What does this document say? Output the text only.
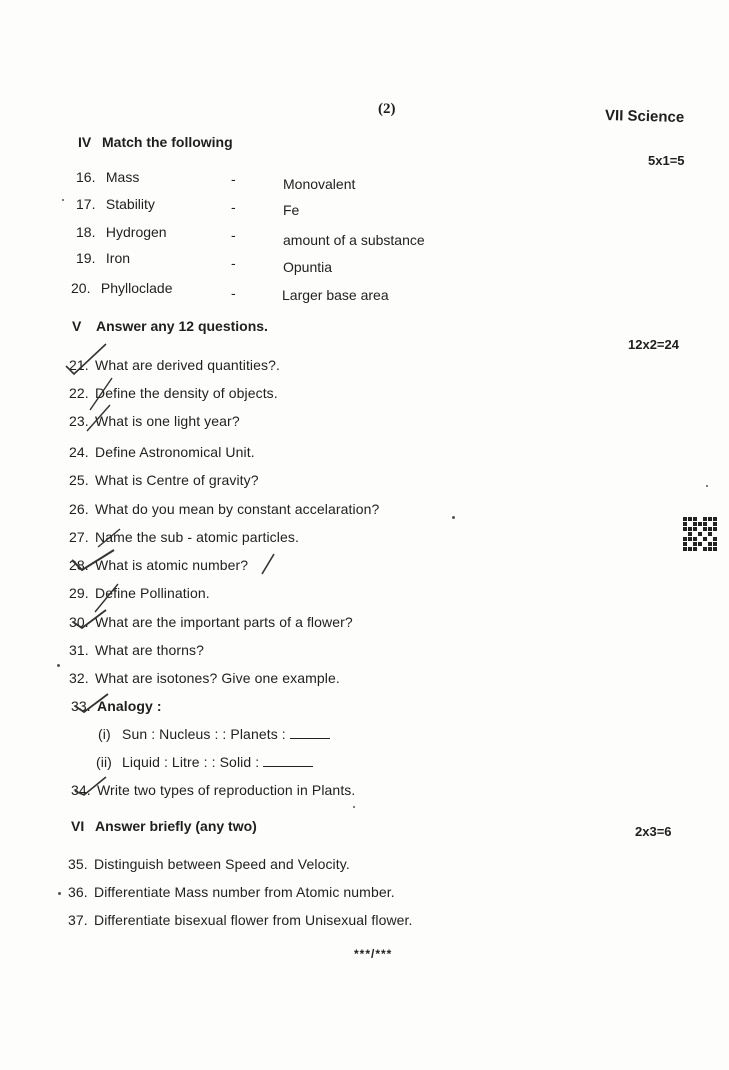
(2)	VII Science
IV Match the following
5x1=5
16. Mass	-	Monovalent
17. Stability	-	Fe
18. Hydrogen	-	amount of a substance
19. Iron	-	Opuntia
20. Phylloclade	-	Larger base area
V Answer any 12 questions.
12x2=24
21. What are derived quantities?.
22. Define the density of objects.
23. What is one light year?
24. Define Astronomical Unit.
25. What is Centre of gravity?
26. What do you mean by constant accelaration?
27. Name the sub - atomic particles.
28. What is atomic number?
29. Define Pollination.
30. What are the important parts of a flower?
31. What are thorns?
32. What are isotones? Give one example.
33. Analogy :
(i) Sun : Nucleus : : Planets :
(ii) Liquid : Litre : : Solid :
34. Write two types of reproduction in Plants.
VI Answer briefly (any two)	2x3=6
35. Distinguish between Speed and Velocity.
36. Differentiate Mass number from Atomic number.
37. Differentiate bisexual flower from Unisexual flower.
***/***
